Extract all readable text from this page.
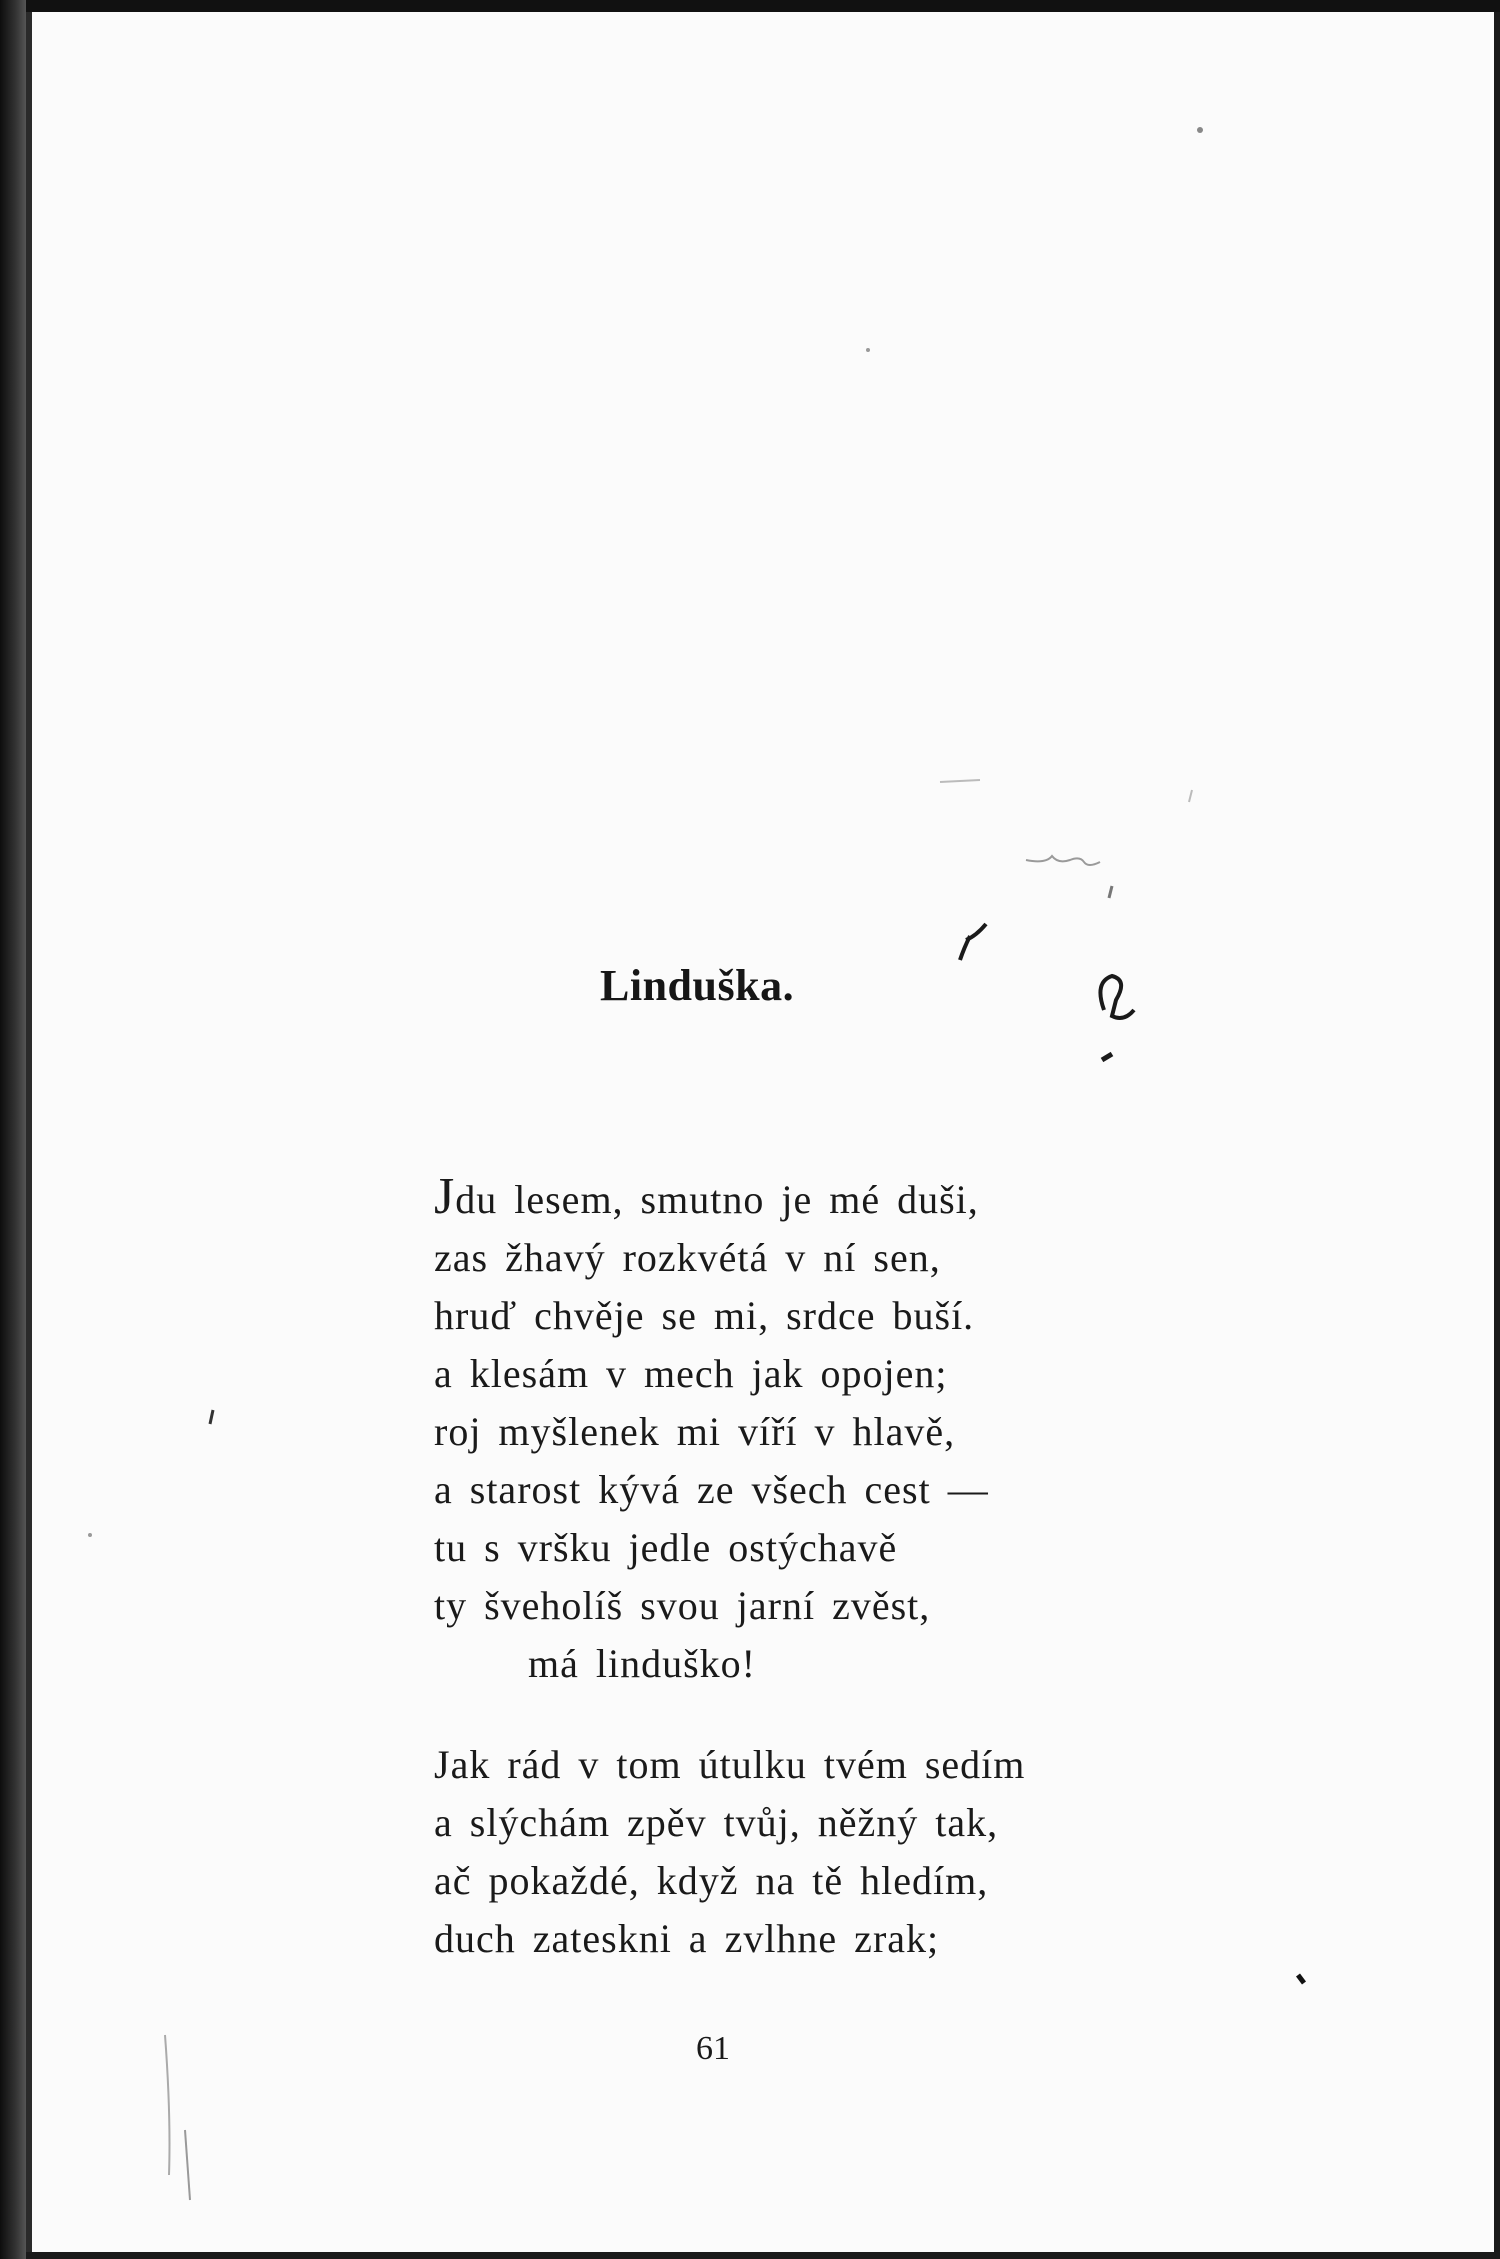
Linduška.
Jdu lesem, smutno je mé duši,
zas žhavý rozkvétá v ní sen,
hruď chvěje se mi, srdce buší.
a klesám v mech jak opojen;
roj myšlenek mi víří v hlavě,
a starost kývá ze všech cest —
tu s vršku jedle ostýchavě
ty šveholíš svou jarní zvěst,
má linduško!
Jak rád v tom útulku tvém sedím
a slýchám zpěv tvůj, něžný tak,
ač pokaždé, když na tě hledím,
duch zatesknі a zvlhne zrak;
61
